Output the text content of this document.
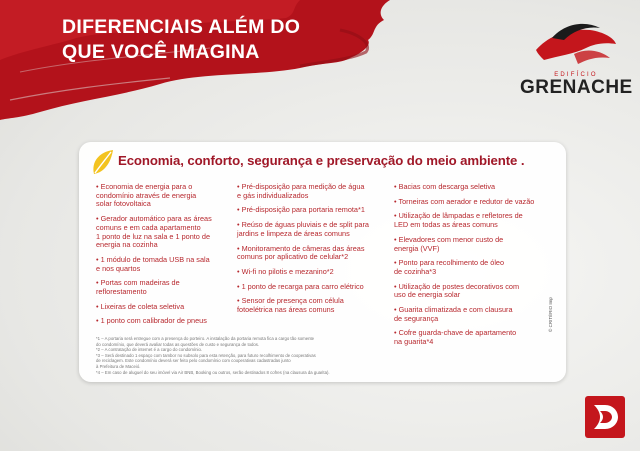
DIFERENCIAIS ALÉM DO
QUE VOCÊ IMAGINA
EDIFÍCIO
GRENACHE
Economia, conforto, segurança e preservação do meio ambiente .
• Economia de energia para o
condomínio através de energia
solar fotovoltaica
• Gerador automático para as áreas
comuns e em cada apartamento
1 ponto de luz na sala e 1 ponto de
energia na cozinha
• 1 módulo de tomada USB na sala
e nos quartos
• Portas com madeiras de
reflorestamento
• Lixeiras de coleta seletiva
• 1 ponto com calibrador de pneus
• Pré-disposição para medição de água
e gás individualizados
• Pré-disposição para portaria remota*1
• Reúso de águas pluviais e de split para
jardins e limpeza de áreas comuns
• Monitoramento de câmeras das áreas
comuns por aplicativo de celular*2
• Wi-fi no pilotis e mezanino*2
• 1 ponto de recarga para carro elétrico
• Sensor de presença com célula
fotoelétrica nas áreas comuns
• Bacias com descarga seletiva
• Torneiras com aerador e redutor de vazão
• Utilização de lâmpadas e refletores de
LED em todas as áreas comuns
• Elevadores com menor custo de
energia (VVF)
• Ponto para recolhimento de óleo
de cozinha*3
• Utilização de postes decorativos com
uso de energia solar
• Guarita climatizada e com clausura
de segurança
• Cofre guarda-chave de apartamento
na guarita*4
*1 – A portaria será entregue com a presença do porteiro. A instalação da portaria remota fica a cargo tão somente
do condomínio, que deverá avaliar todas as questões de custo e segurança de todos.
*2 – A contratação de internet é a cargo do condomínio.
*3 – Será destinado 1 espaço com tambor no subsolo para esta retenção, para futuro recolhimento de cooperativas
de reciclagem. Este condomínio deverá ser feito pelo condomínio com cooperativas cadastradas junto
à Prefeitura de Maceió.
*4 – Em caso de aluguel do seu imóvel via Air BNB, Booking ou outros, serão destinados 8 cofres (na clausura da guarita).
© CRITÉRIO Imp
